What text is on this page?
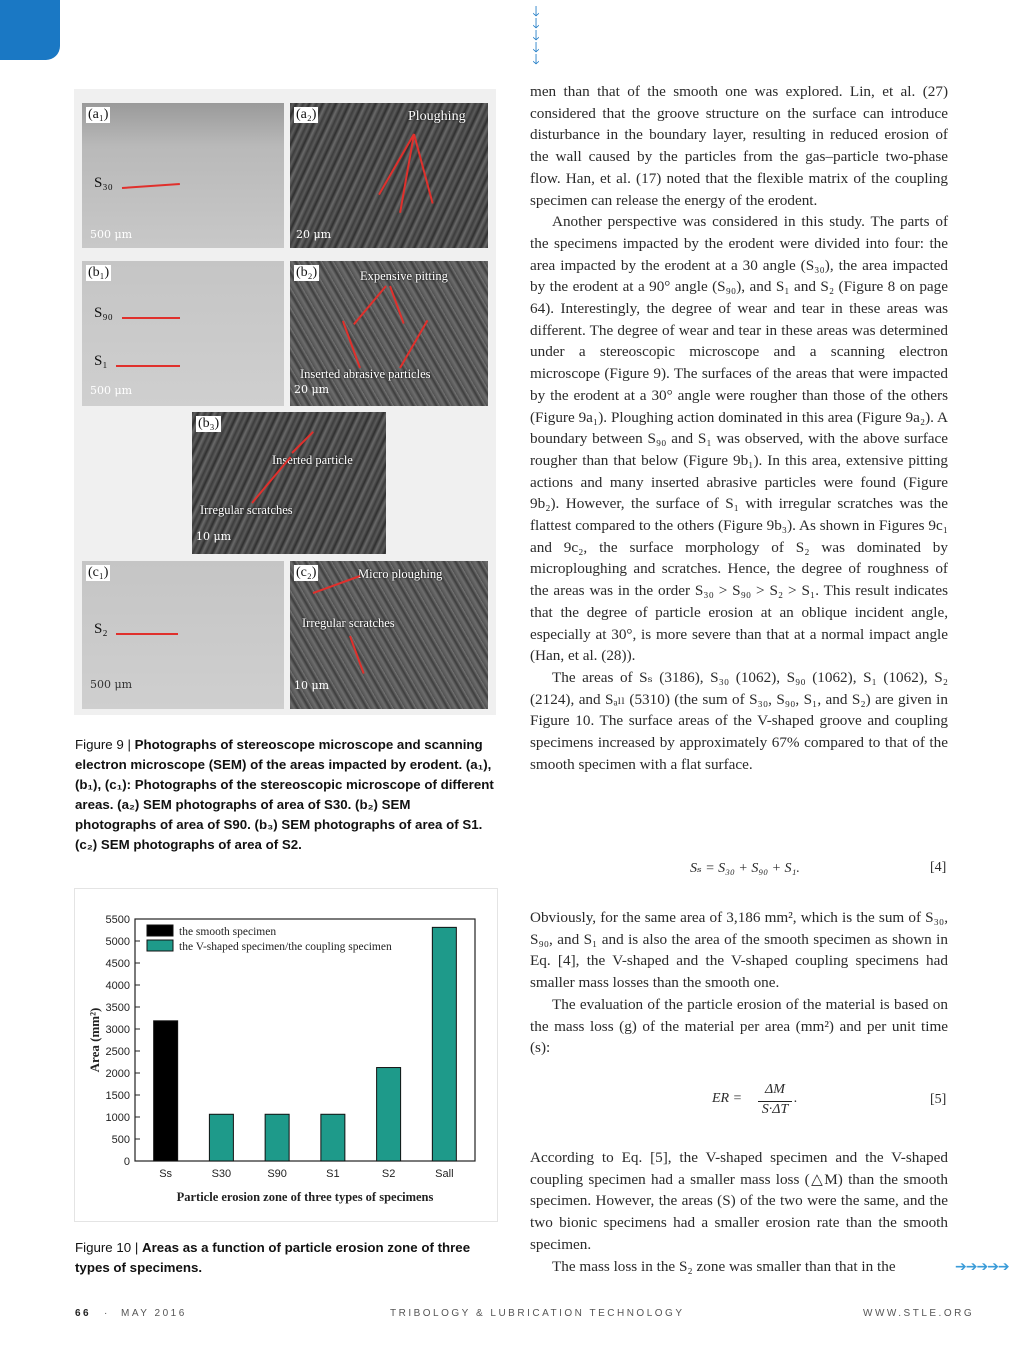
🡓
🡓
🡓
🡓
🡓
(a₁)
S₃₀
500 μm
(a₂)	Ploughing
20 μm
(b₁)
S₉₀
S₁
500 μm
(b₂)	Expensive pitting
Inserted abrasive particles
20 μm
(b₃)
Inserted particle
Irregular scratches
10 μm
(c₁)
S₂
500 μm
(c₂)	Micro ploughing
Irregular scratches
10 μm
Figure 9 | Photographs of stereoscope microscope and scanning electron microscope (SEM) of the areas impacted by erodent. (a₁), (b₁), (c₁): Photographs of the stereoscopic microscope of different areas. (a₂) SEM photographs of area of S30. (b₂) SEM photographs of area of S90. (b₃) SEM photographs of area of S1. (c₂) SEM photographs of area of S2.
0
500
1000
1500
2000
2500
3000
3500
4000
4500
5000
5500
Area (mm²)
Ss	S30	S90	S1	S2	Sall
Particle erosion zone of three types of specimens
the smooth specimen
the V-shaped specimen/the coupling specimen
Figure 10 | Areas as a function of particle erosion zone of three types of specimens.

men than that of the smooth one was explored. Lin, et al. (27) considered that the groove structure on the surface can introduce disturbance in the boundary layer, resulting in reduced erosion of the wall caused by the particles from the gas–particle two-phase flow. Han, et al. (17) noted that the flexible matrix of the coupling specimen can release the energy of the erodent.

Another perspective was considered in this study. The parts of the specimens impacted by the erodent were divided into four: the area impacted by the erodent at a 30 angle (S₃₀), the area impacted by the erodent at a 90° angle (S₉₀), and S₁ and S₂ (Figure 8 on page 64). Interestingly, the degree of wear and tear in these areas was different. The degree of wear and tear in these areas was determined under a stereoscopic microscope and a scanning electron microscope (Figure 9). The surfaces of the areas that were impacted by the erodent at a 30° angle were rougher than those of the others (Figure 9a₁). Ploughing action dominated in this area (Figure 9a₂). A boundary between S₉₀ and S₁ was observed, with the above surface rougher than that below (Figure 9b₁). In this area, extensive pitting actions and many inserted abrasive particles were found (Figure 9b₂). However, the surface of S₁ with irregular scratches was the flattest compared to the others (Figure 9b₃). As shown in Figures 9c₁ and 9c₂, the surface morphology of S₂ was dominated by microploughing and scratches. Hence, the degree of roughness of the areas was in the order S₃₀ > S₉₀ > S₂ > S₁. This result indicates that the degree of particle erosion at an oblique incident angle, especially at 30°, is more severe than that at a normal impact angle (Han, et al. (28)).

The areas of Sₛ (3186), S₃₀ (1062), S₉₀ (1062), S₁ (1062), S₂ (2124), and Sₐₗₗ (5310) (the sum of S₃₀, S₉₀, S₁, and S₂) are given in Figure 10. The surface areas of the V-shaped groove and coupling specimens increased by approximately 67% compared to that of the smooth specimen with a flat surface.

Sₛ = S₃₀ + S₉₀ + S₁.	[4]

Obviously, for the same area of 3,186 mm², which is the sum of S₃₀, S₉₀, and S₁ and is also the area of the smooth specimen as shown in Eq. [4], the V-shaped and the V-shaped coupling specimens had smaller mass losses than the smooth one.

The evaluation of the particle erosion of the material is based on the mass loss (g) of the material per area (mm²) and per unit time (s):

ER =
ΔM
S·ΔT
.	[5]

According to Eq. [5], the V-shaped specimen and the V-shaped coupling specimen had a smaller mass loss (△M) than the smooth specimen. However, the areas (S) of the two were the same, and the two bionic specimens had a smaller erosion rate than the smooth specimen.

The mass loss in the S₂ zone was smaller than that in the	➔➔➔➔➔
66 · MAY 2016	TRIBOLOGY & LUBRICATION TECHNOLOGY	WWW.STLE.ORG
